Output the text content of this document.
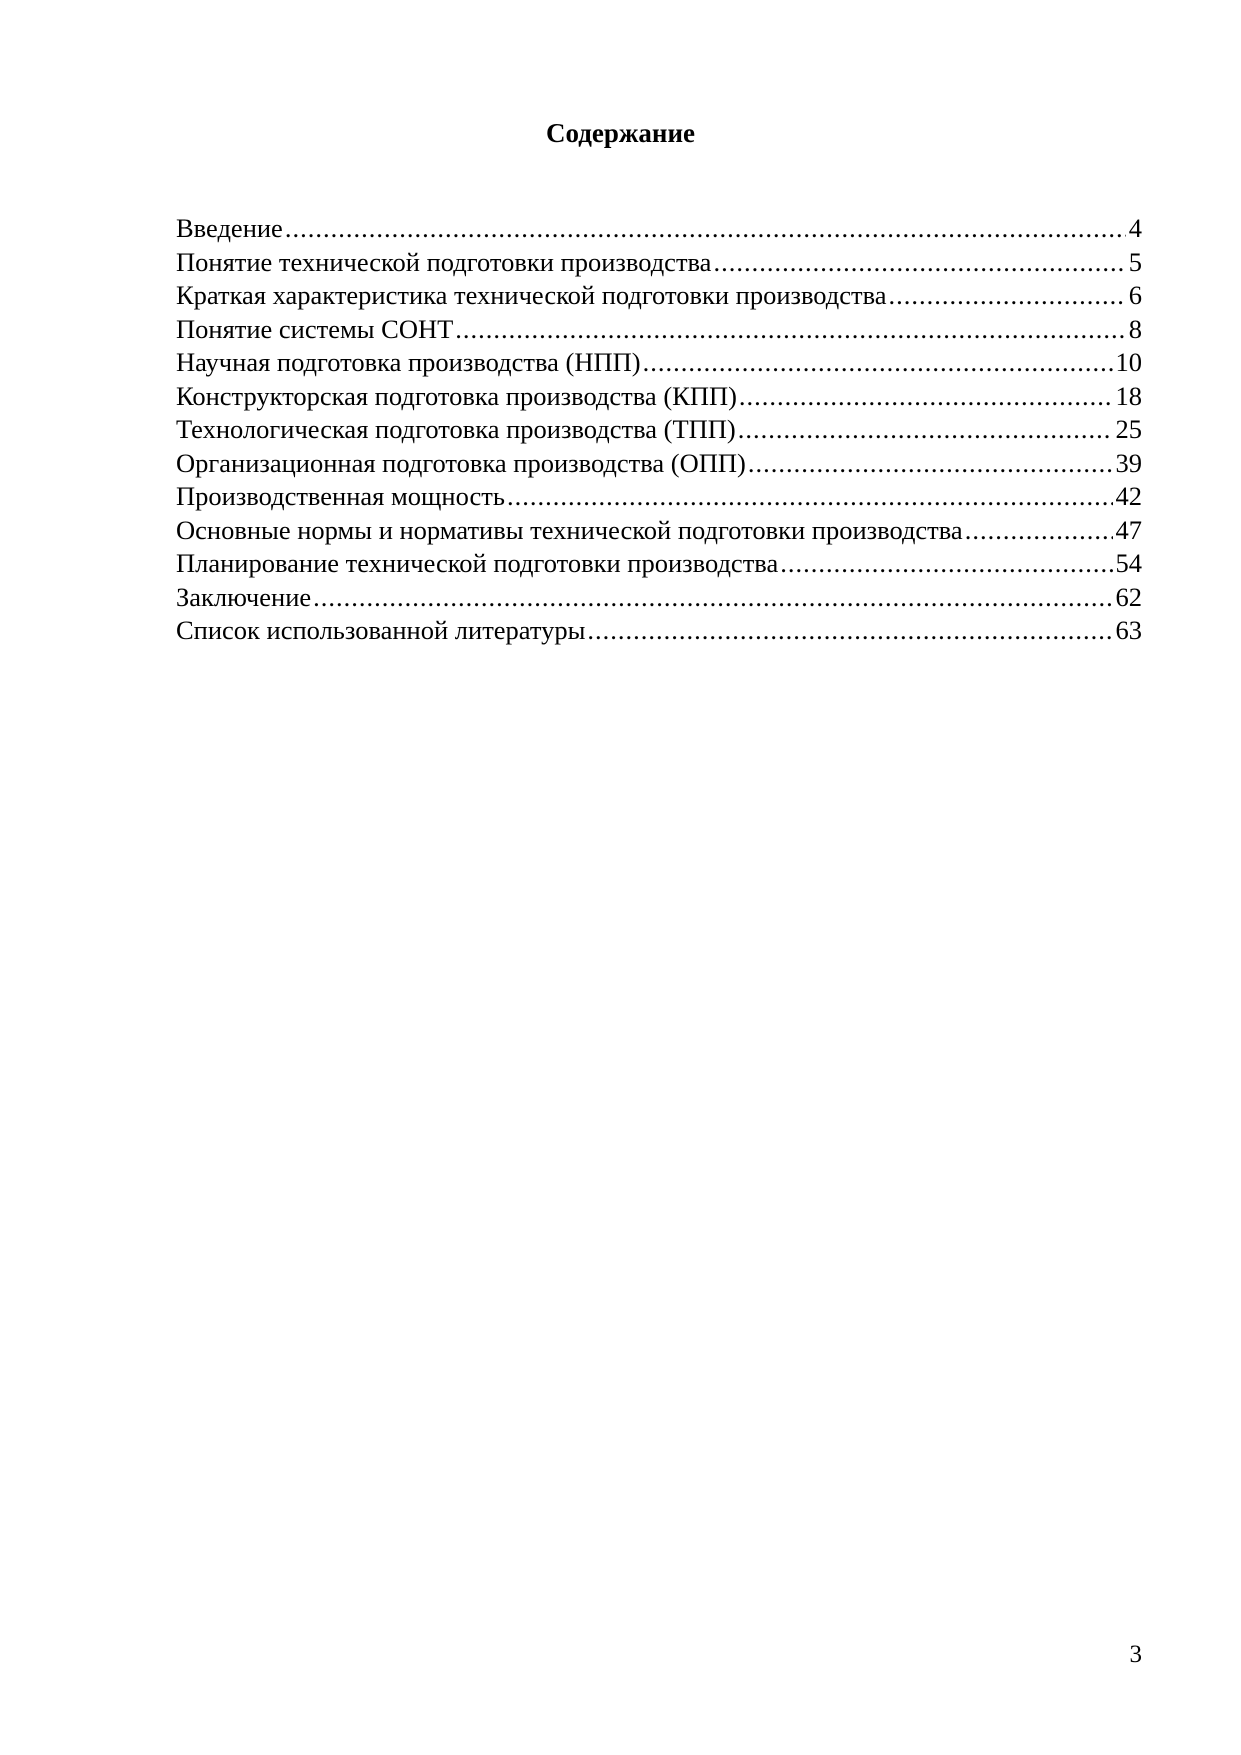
Содержание
Введение .....	4
Понятие технической подготовки производства .....	5
Краткая характеристика технической подготовки производства .....	6
Понятие системы СОНТ .....	8
Научная подготовка производства (НПП) .....	10
Конструкторская подготовка производства (КПП) .....	18
Технологическая подготовка производства (ТПП) .....	25
Организационная подготовка производства (ОПП) .....	39
Производственная мощность .....	42
Основные нормы и нормативы технической подготовки производства .....	47
Планирование технической подготовки производства .....	54
Заключение .....	62
Список использованной литературы .....	63
3
